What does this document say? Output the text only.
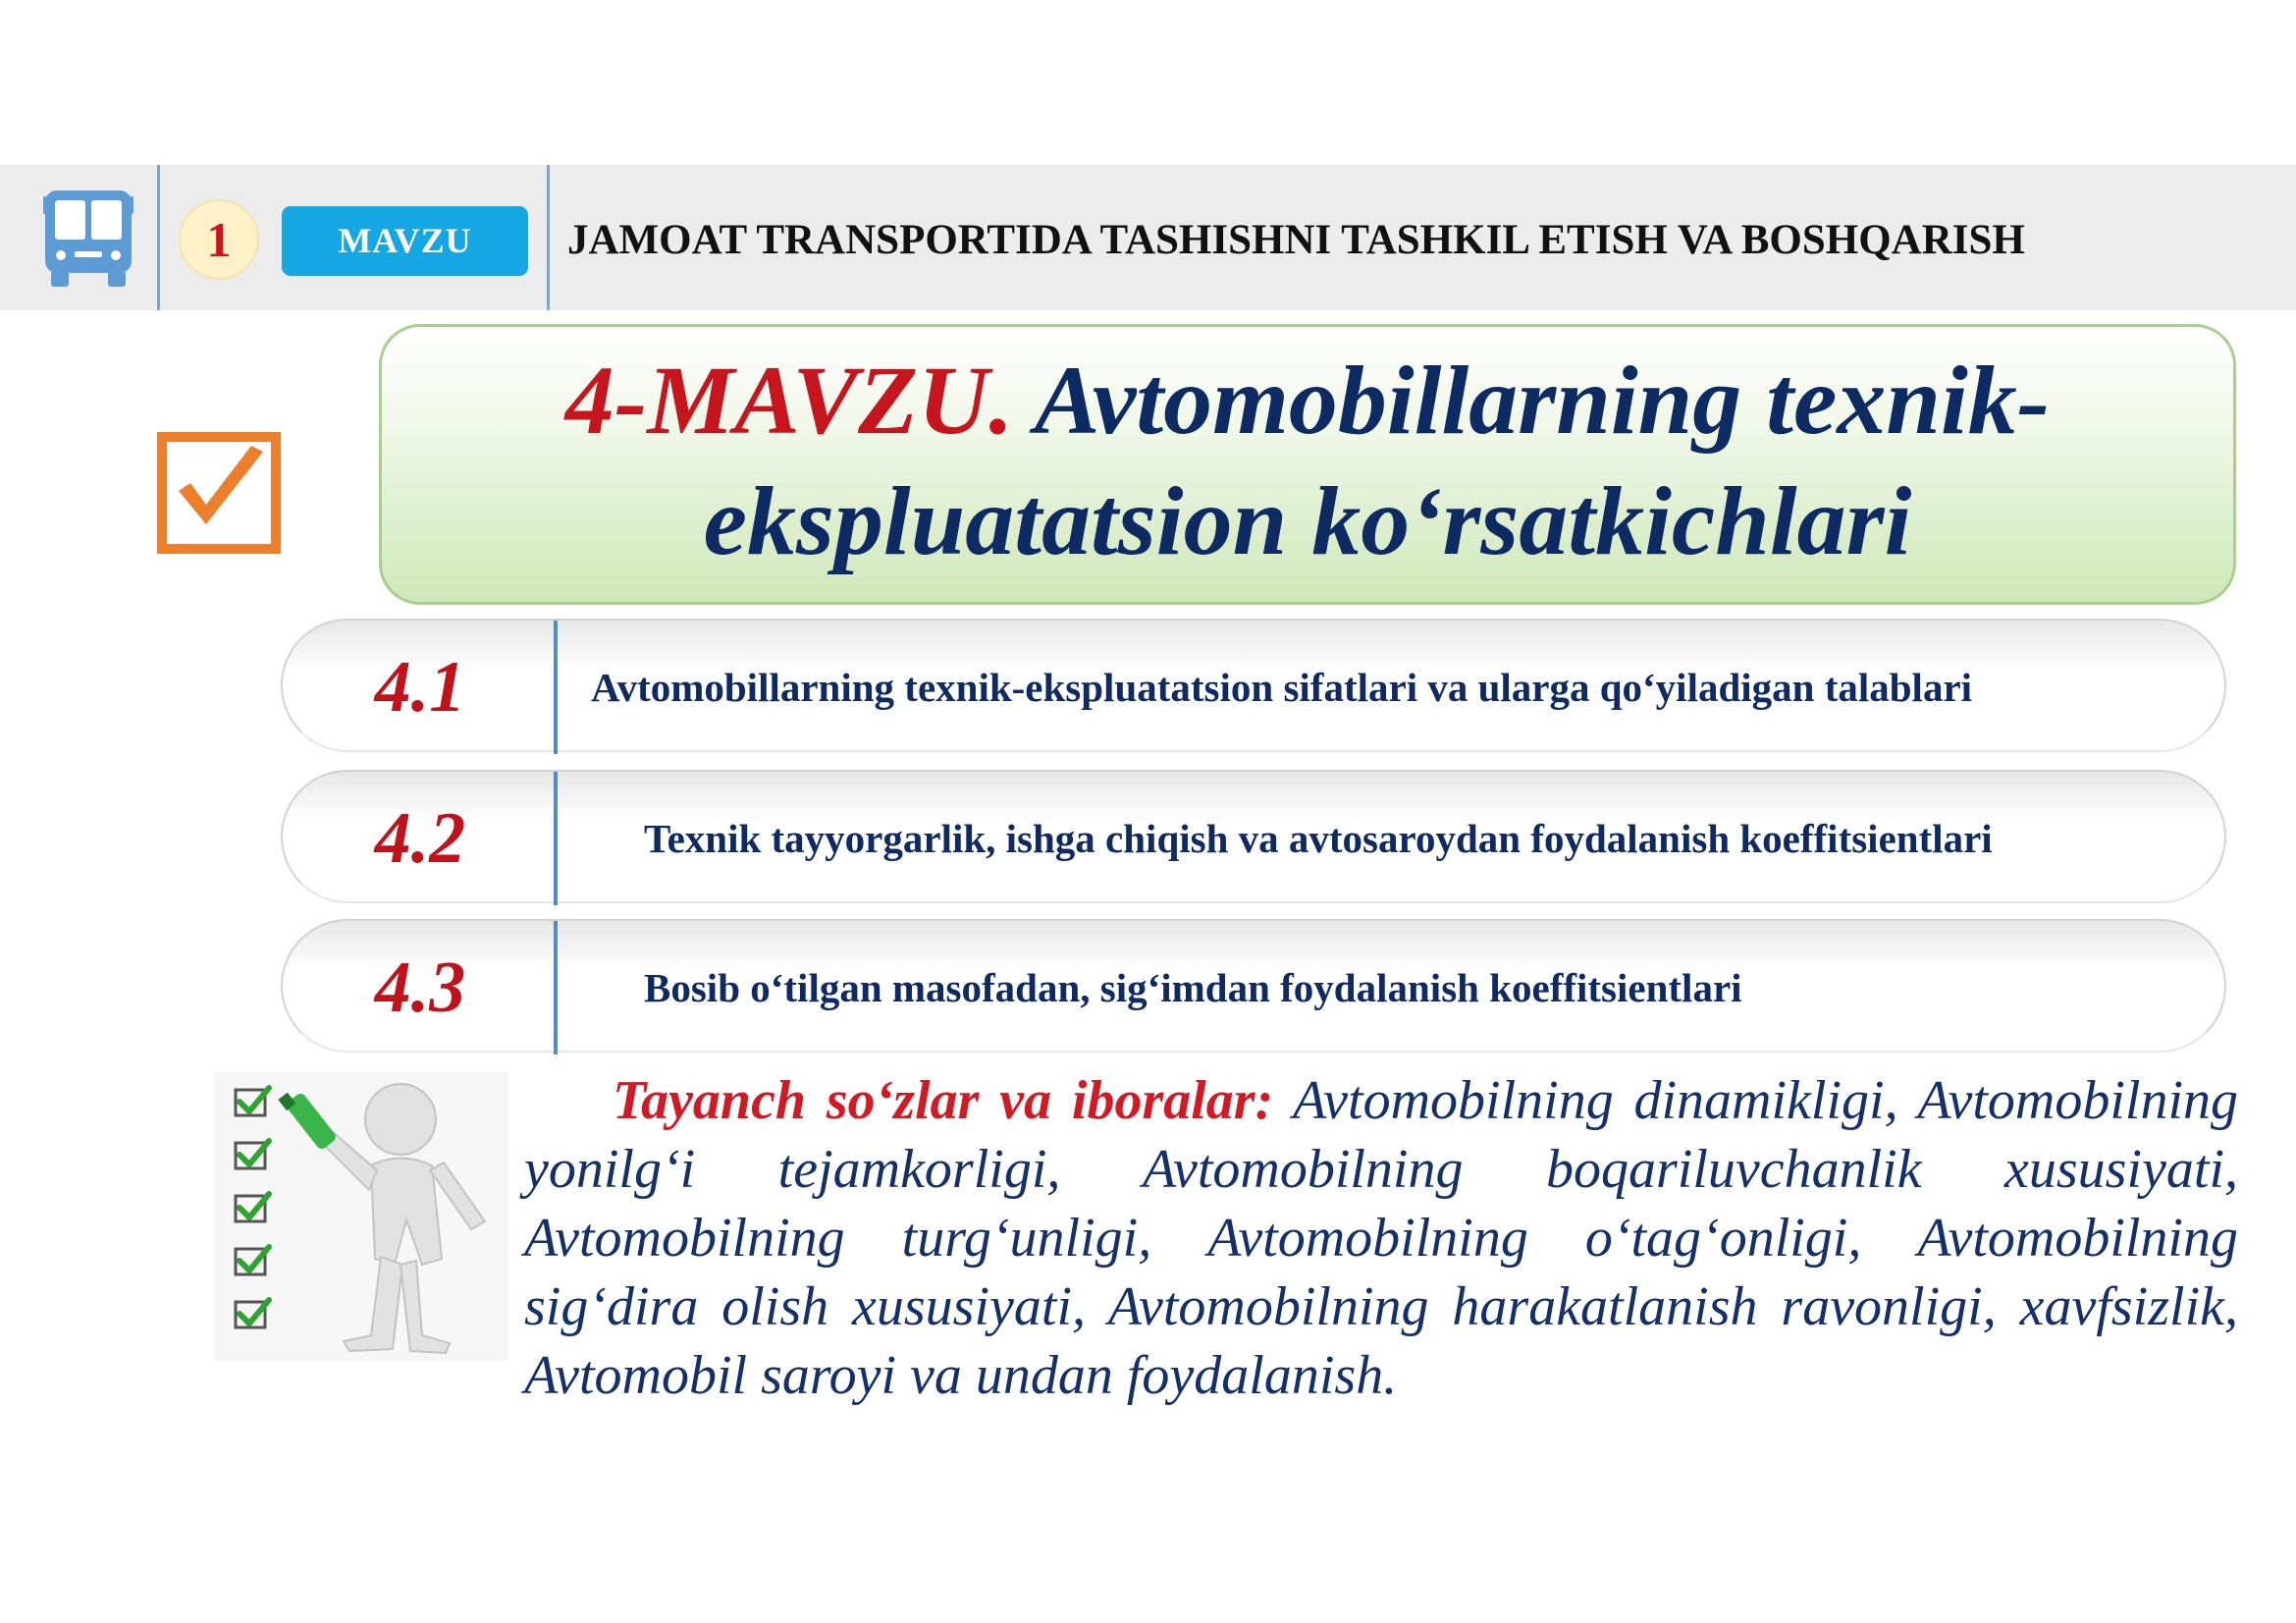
1	MAVZU	JAMOAT TRANSPORTIDA TASHISHNI TASHKIL ETISH VA BOSHQARISH
4-MAVZU. Avtomobillarning texnik-
ekspluatatsion ko‘rsatkichlari
4.1	Avtomobillarning texnik-ekspluatatsion sifatlari va ularga qo‘yiladigan talablari
4.2	Texnik tayyorgarlik, ishga chiqish va avtosaroydan foydalanish koeffitsientlari
4.3	Bosib o‘tilgan masofadan, sig‘imdan foydalanish koeffitsientlari
Tayanch so‘zlar va iboralar: Avtomobilning dinamikligi, Avtomobilning yonilg‘i tejamkorligi, Avtomobilning boqariluvchanlik xususiyati, Avtomobilning turg‘unligi, Avtomobilning o‘tag‘onligi, Avtomobilning sig‘dira olish xususiyati, Avtomobilning harakatlanish ravonligi, xavfsizlik, Avtomobil saroyi va undan foydalanish.
